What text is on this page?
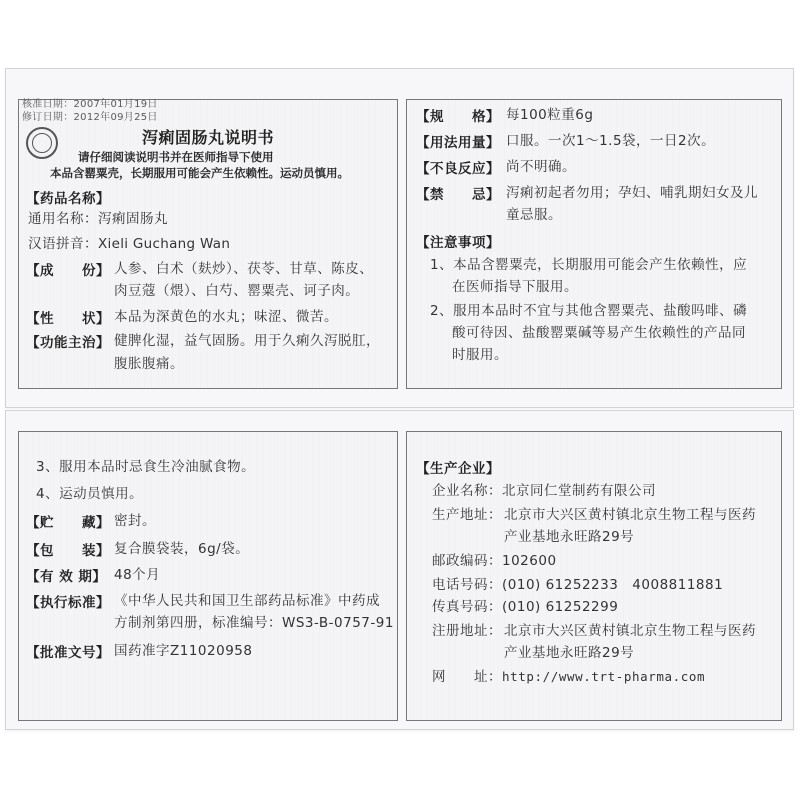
核准日期：2007年01月19日
修订日期：2012年09月25日
泻痢固肠丸说明书
请仔细阅读说明书并在医师指导下使用
本品含罂粟壳，长期服用可能会产生依赖性。运动员慎用。
【药品名称】
通用名称：泻痢固肠丸
汉语拼音：Xieli Guchang Wan
【成　　份】 人参、白术（麸炒）、茯苓、甘草、陈皮、
肉豆蔻（煨）、白芍、罂粟壳、诃子肉。
【性　　状】 本品为深黄色的水丸；味涩、微苦。
【功能主治】 健脾化湿，益气固肠。用于久痢久泻脱肛，
腹胀腹痛。
【规　　格】 每100粒重6g
【用法用量】 口服。一次1～1.5袋，一日2次。
【不良反应】 尚不明确。
【禁　　忌】 泻痢初起者勿用；孕妇、哺乳期妇女及儿
童忌服。
【注意事项】
1、本品含罂粟壳，长期服用可能会产生依赖性，应
在医师指导下服用。
2、服用本品时不宜与其他含罂粟壳、盐酸吗啡、磷
酸可待因、盐酸罂粟碱等易产生依赖性的产品同
时服用。
3、服用本品时忌食生冷油腻食物。
4、运动员慎用。
【贮　　藏】 密封。
【包　　装】 复合膜袋装，6g/袋。
【有 效 期】 48个月
【执行标准】 《中华人民共和国卫生部药品标准》中药成
方制剂第四册，标准编号：WS3-B-0757-91
【批准文号】 国药准字Z11020958
【生产企业】
企业名称：北京同仁堂制药有限公司
生产地址： 北京市大兴区黄村镇北京生物工程与医药
产业基地永旺路29号
邮政编码：102600
电话号码：(010) 61252233　4008811881
传真号码：(010) 61252299
注册地址： 北京市大兴区黄村镇北京生物工程与医药
产业基地永旺路29号
网　　址：http://www.trt-pharma.com
